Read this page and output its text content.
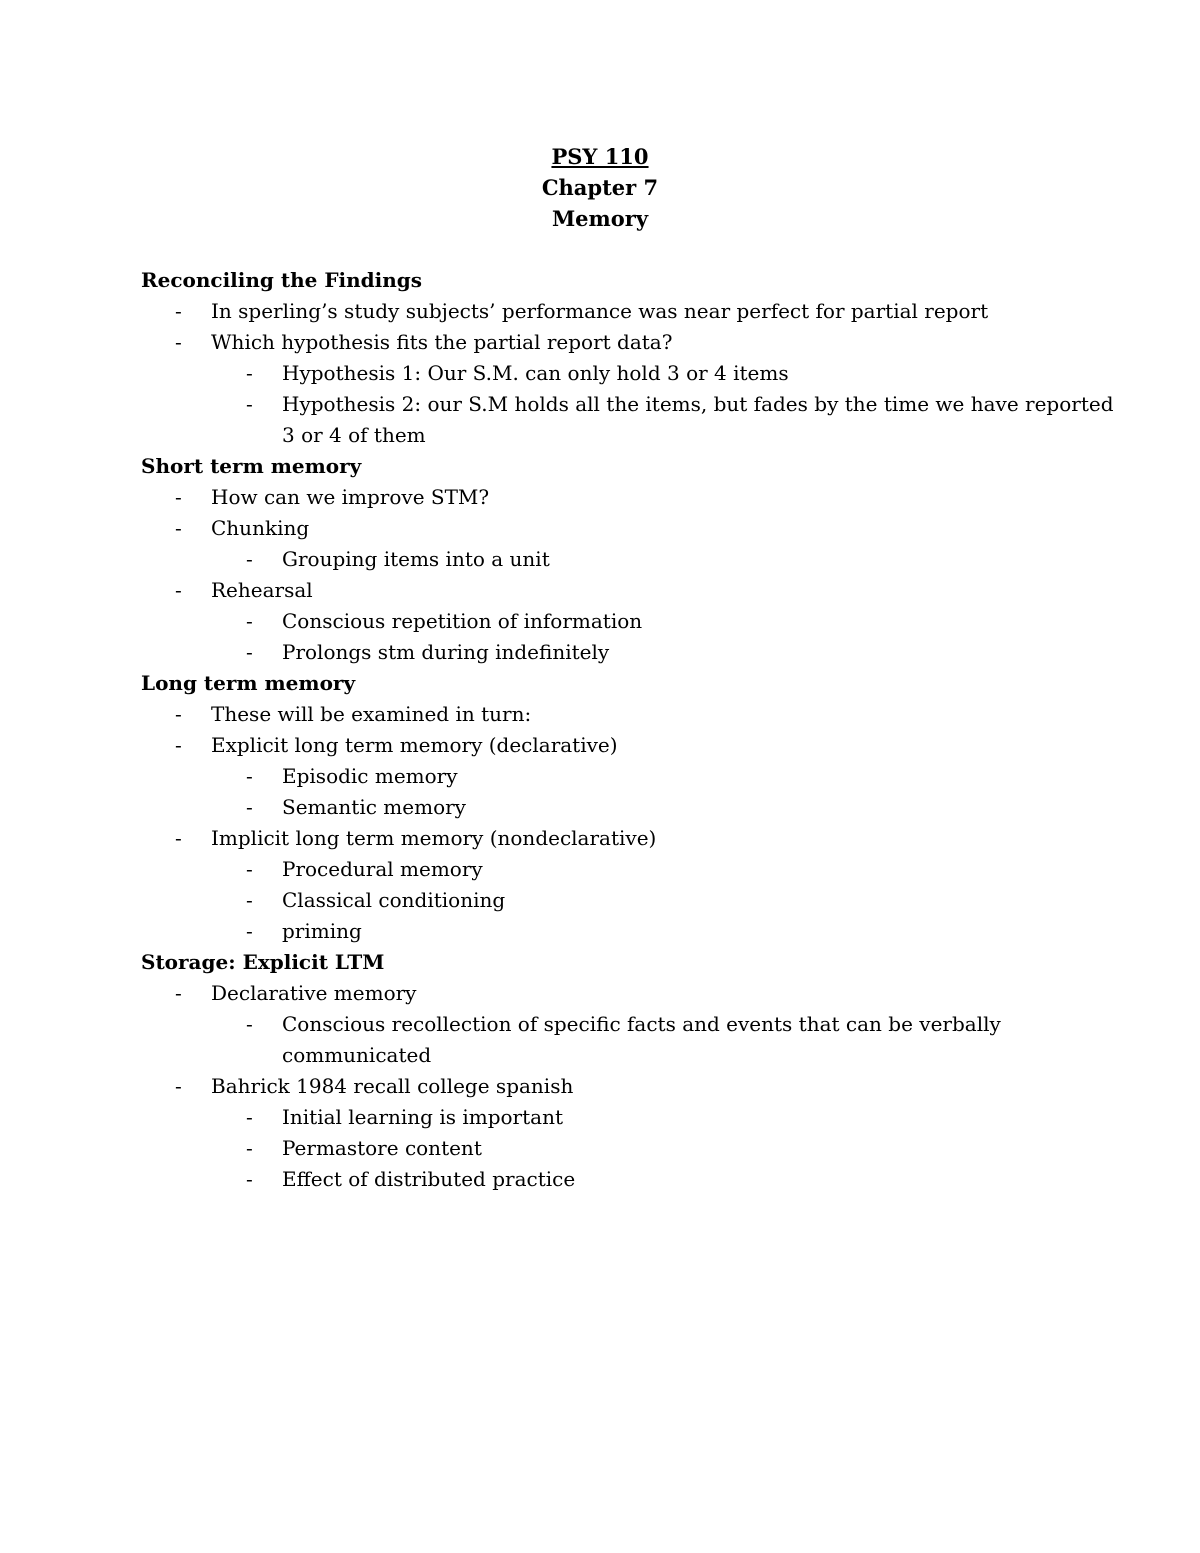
PSY 110
Chapter 7
Memory
Reconciling the Findings
- In sperling’s study subjects’ performance was near perfect for partial report
- Which hypothesis fits the partial report data?
- Hypothesis 1: Our S.M. can only hold 3 or 4 items
- Hypothesis 2: our S.M holds all the items, but fades by the time we have reported
3 or 4 of them
Short term memory
- How can we improve STM?
- Chunking
- Grouping items into a unit
- Rehearsal
- Conscious repetition of information
- Prolongs stm during indefinitely
Long term memory
- These will be examined in turn:
- Explicit long term memory (declarative)
- Episodic memory
- Semantic memory
- Implicit long term memory (nondeclarative)
- Procedural memory
- Classical conditioning
- priming
Storage: Explicit LTM
- Declarative memory
- Conscious recollection of specific facts and events that can be verbally
communicated
- Bahrick 1984 recall college spanish
- Initial learning is important
- Permastore content
- Effect of distributed practice
